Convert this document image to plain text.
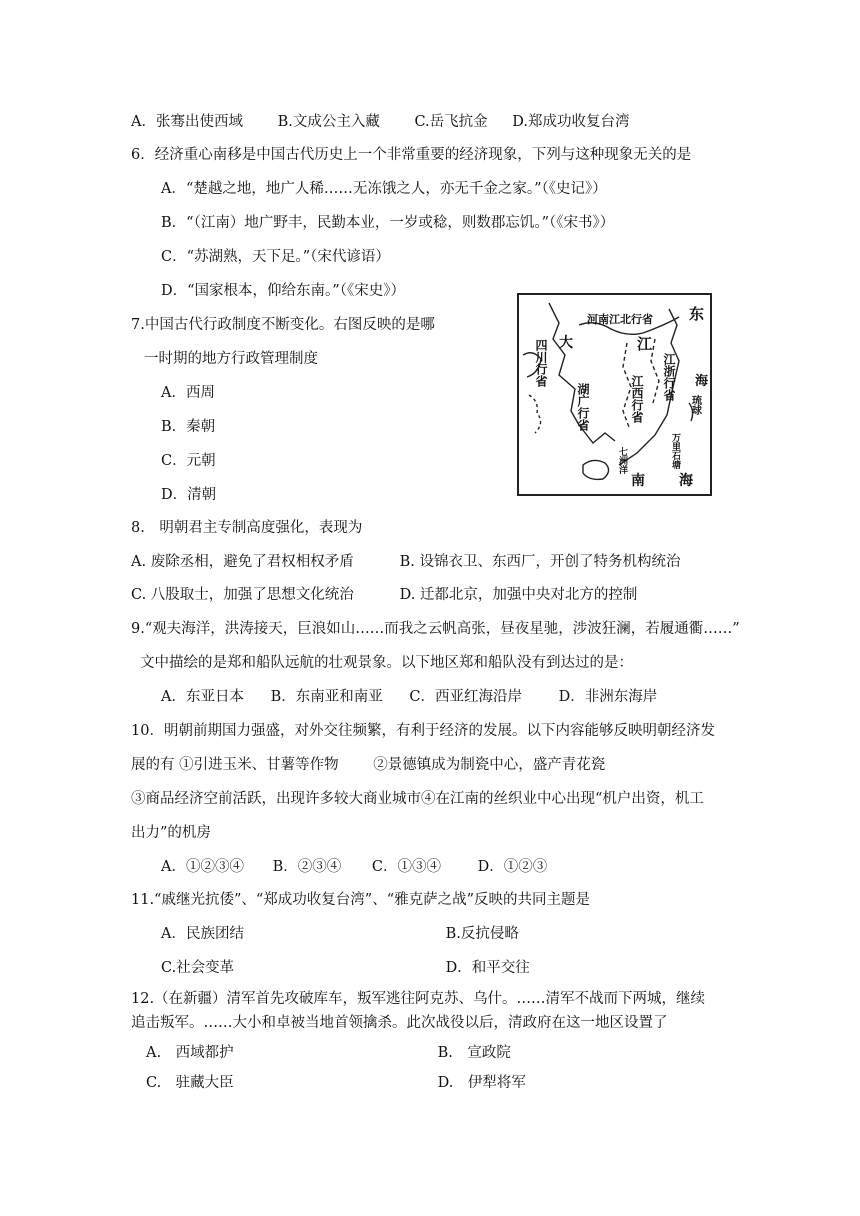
A．张骞出使西域 B.文成公主入藏 C.岳飞抗金 D.郑成功收复台湾
6．经济重心南移是中国古代历史上一个非常重要的经济现象，下列与这种现象无关的是
A．“楚越之地，地广人稀……无冻饿之人，亦无千金之家。”（《史记》）
B．“（江南）地广野丰，民勤本业，一岁或稔，则数郡忘饥。”（《宋书》）
C．“苏湖熟，天下足。”（宋代谚语）
D．“国家根本，仰给东南。”（《宋史》）
7.中国古代行政制度不断变化。右图反映的是哪
一时期的地方行政管理制度
A．西周
B．秦朝
C．元朝
D．清朝
河南江北行省 东
海
四川行省 大	江
江浙行省
江西行省
湖广行省	琉球
万里石塘
七洲洋
南 海
8.　明朝君主专制高度强化，表现为
A. 废除丞相，避免了君权相权矛盾	B. 设锦衣卫、东西厂，开创了特务机构统治
C. 八股取士，加强了思想文化统治	D. 迁都北京，加强中央对北方的控制
9.“观夫海洋，洪涛接天，巨浪如山……而我之云帆高张，昼夜星驰，涉波狂澜，若履通衢……”
文中描绘的是郑和船队远航的壮观景象。以下地区郑和船队没有到达过的是：
A．东亚日本 B．东南亚和南亚 C．西亚红海沿岸	D．非洲东海岸
10．明朝前期国力强盛，对外交往频繁，有利于经济的发展。以下内容能够反映明朝经济发
展的有 ①引进玉米、甘薯等作物 ②景德镇成为制瓷中心，盛产青花瓷
③商品经济空前活跃，出现许多较大商业城市④在江南的丝织业中心出现“机户出资，机工
出力”的机房
A．①②③④ B．②③④ C．①③④	D．①②③
11.“戚继光抗倭”、“郑成功收复台湾”、“雅克萨之战”反映的共同主题是
A．民族团结	B.反抗侵略
C.社会变革	D．和平交往
12.（在新疆）清军首先攻破库车，叛军逃往阿克苏、乌什。……清军不战而下两城，继续
追击叛军。……大小和卓被当地首领擒杀。此次战役以后，清政府在这一地区设置了
A.　西域都护	B.　宣政院
C.　驻藏大臣	D.　伊犁将军
